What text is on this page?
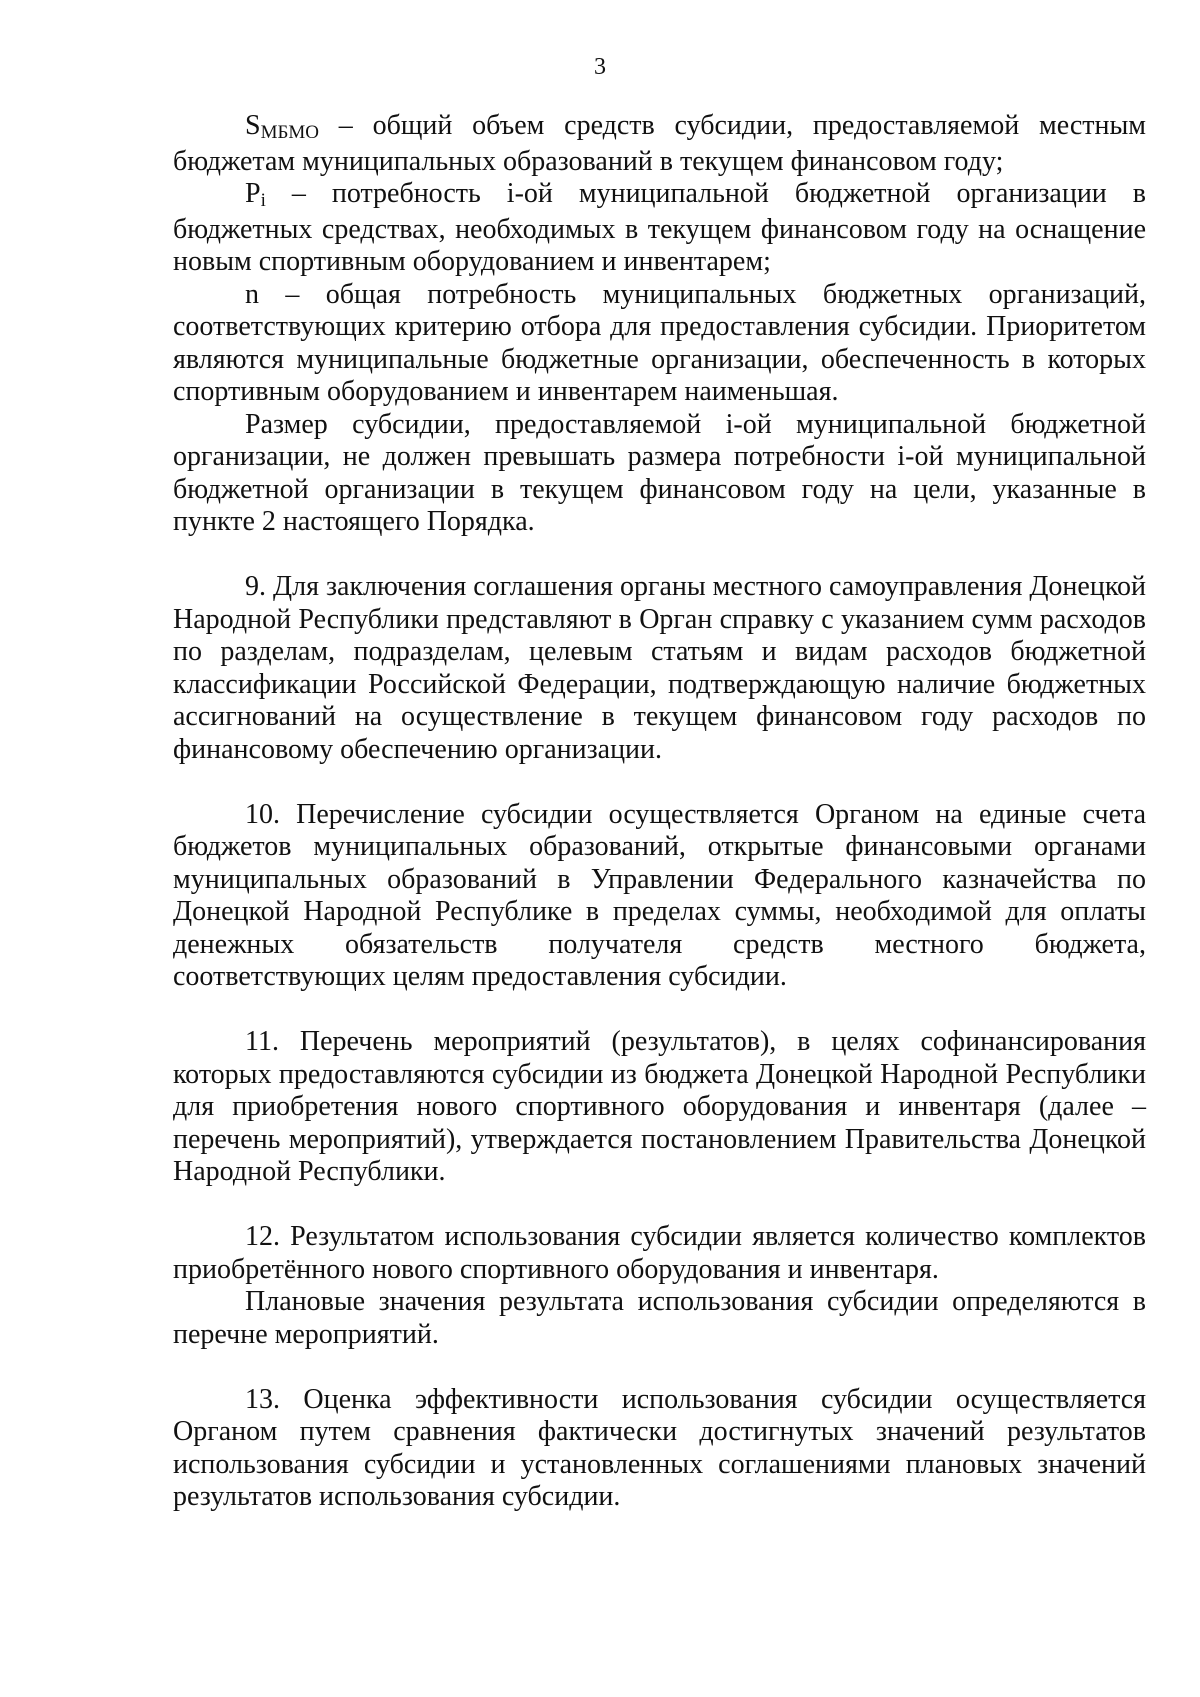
3

$S_{МБМО}$ – общий объем средств субсидии, предоставляемой местным бюджетам муниципальных образований в текущем финансовом году;

$P_i$ – потребность i-ой муниципальной бюджетной организации в бюджетных средствах, необходимых в текущем финансовом году на оснащение новым спортивным оборудованием и инвентарем;

n – общая потребность муниципальных бюджетных организаций, соответствующих критерию отбора для предоставления субсидии. Приоритетом являются муниципальные бюджетные организации, обеспеченность в которых спортивным оборудованием и инвентарем наименьшая.

Размер субсидии, предоставляемой i-ой муниципальной бюджетной организации, не должен превышать размера потребности i-ой муниципальной бюджетной организации в текущем финансовом году на цели, указанные в пункте 2 настоящего Порядка.

9. Для заключения соглашения органы местного самоуправления Донецкой Народной Республики представляют в Орган справку с указанием сумм расходов по разделам, подразделам, целевым статьям и видам расходов бюджетной классификации Российской Федерации, подтверждающую наличие бюджетных ассигнований на осуществление в текущем финансовом году расходов по финансовому обеспечению организации.

10. Перечисление субсидии осуществляется Органом на единые счета бюджетов муниципальных образований, открытые финансовыми органами муниципальных образований в Управлении Федерального казначейства по Донецкой Народной Республике в пределах суммы, необходимой для оплаты денежных обязательств получателя средств местного бюджета, соответствующих целям предоставления субсидии.

11. Перечень мероприятий (результатов), в целях софинансирования которых предоставляются субсидии из бюджета Донецкой Народной Республики для приобретения нового спортивного оборудования и инвентаря (далее – перечень мероприятий), утверждается постановлением Правительства Донецкой Народной Республики.

12. Результатом использования субсидии является количество комплектов приобретённого нового спортивного оборудования и инвентаря.

Плановые значения результата использования субсидии определяются в перечне мероприятий.

13. Оценка эффективности использования субсидии осуществляется Органом путем сравнения фактически достигнутых значений результатов использования субсидии и установленных соглашениями плановых значений результатов использования субсидии.
